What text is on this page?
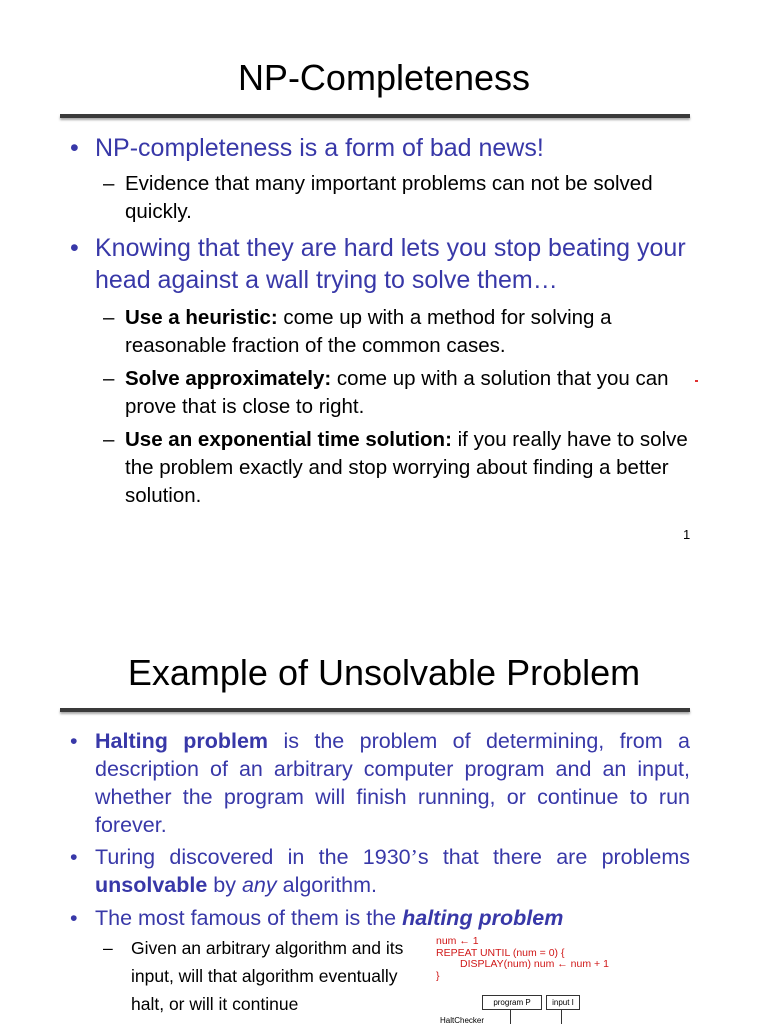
NP-Completeness
• NP-completeness is a form of bad news!
– Evidence that many important problems can not be solved quickly.
• Knowing that they are hard lets you stop beating your head against a wall trying to solve them…
– Use a heuristic: come up with a method for solving a reasonable fraction of the common cases.
– Solve approximately: come up with a solution that you can prove that is close to right.
– Use an exponential time solution: if you really have to solve the problem exactly and stop worrying about finding a better solution.
1
Example of Unsolvable Problem
• Halting problem is the problem of determining, from a description of an arbitrary computer program and an input, whether the program will finish running, or continue to run forever.
• Turing discovered in the 1930’s that there are problems unsolvable by any algorithm.
• The most famous of them is the halting problem
– Given an arbitrary algorithm and its input, will that algorithm eventually halt, or will it continue
num ← 1
REPEAT UNTIL (num = 0) {
DISPLAY(num) num ← num + 1
}
program P	input I
HaltChecker
